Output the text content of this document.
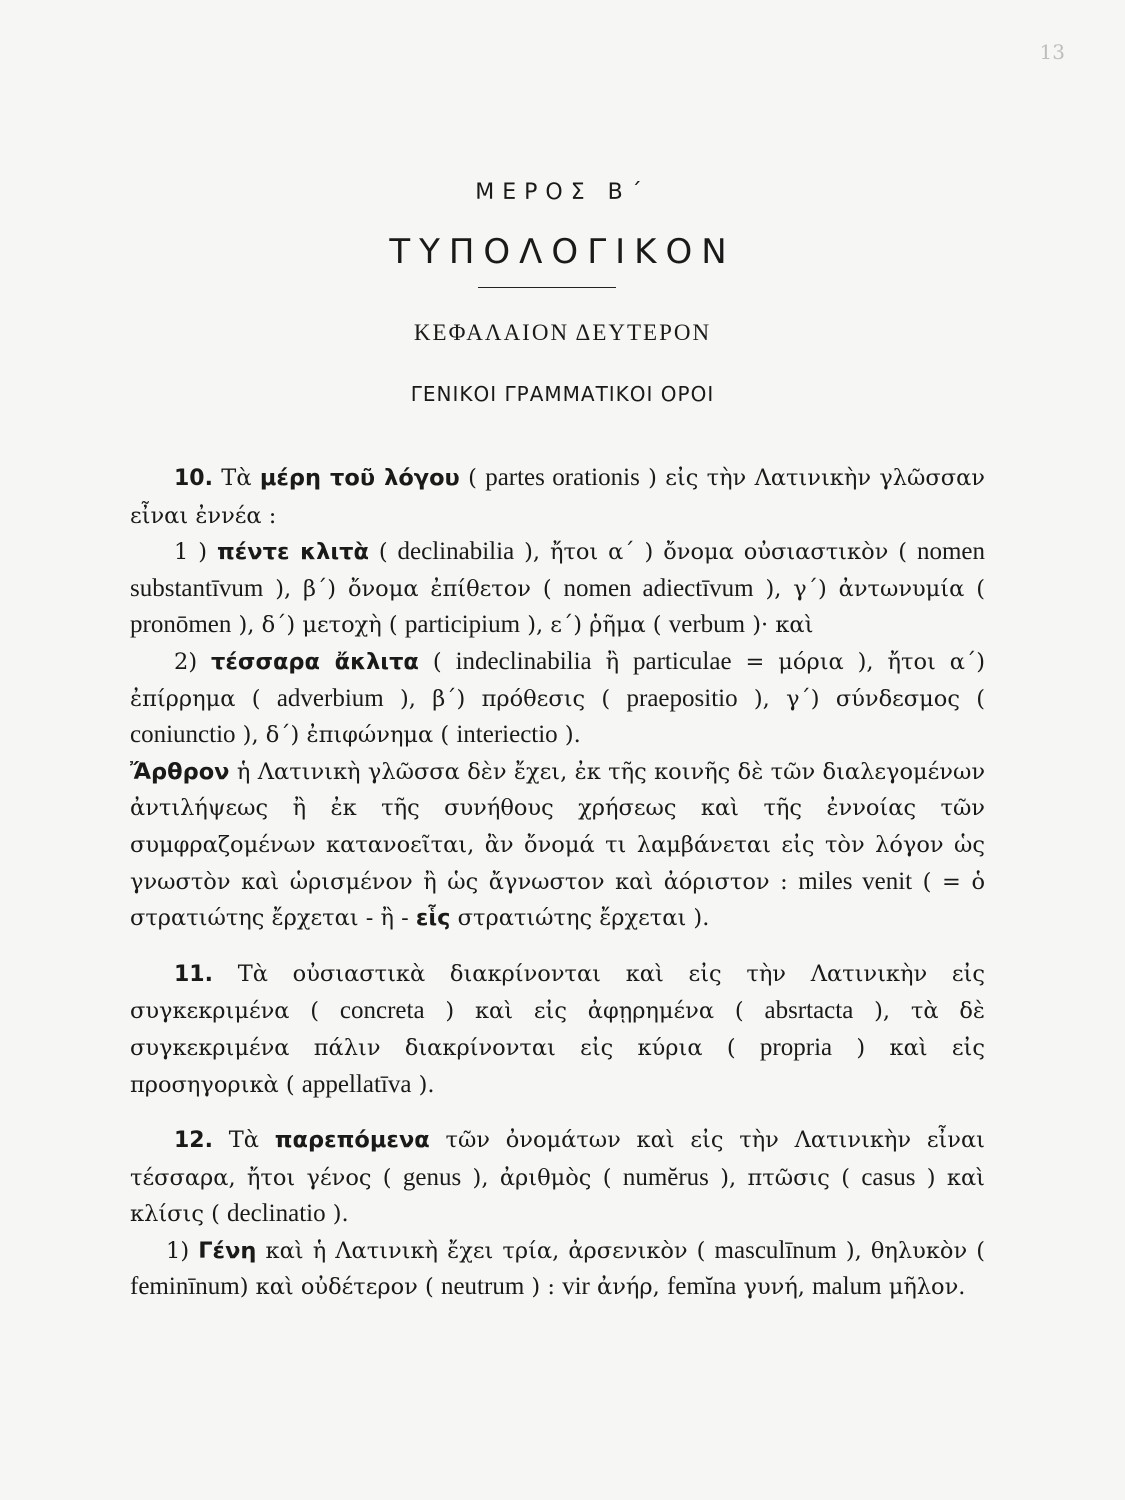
13
ΜΕΡΟΣ Β΄
ΤΥΠΟΛΟΓΙΚΟΝ
ΚΕΦΑΛΑΙΟΝ ΔΕΥΤΕΡΟΝ
ΓΕΝΙΚΟΙ ΓΡΑΜΜΑΤΙΚΟΙ ΟΡΟΙ

10. Τὰ μέρη τοῦ λόγου ( partes orationis ) εἰς τὴν Λατινικὴν γλῶσσαν εἶναι ἐννέα :

1 ) πέντε κλιτὰ ( declinabilia ), ἤτοι α΄ ) ὄνομα οὐσιαστικὸν ( nomen substantīvum ), β΄) ὄνομα ἐπίθετον ( nomen adiectīvum ), γ΄) ἀντωνυμία ( pronōmen ), δ΄) μετοχὴ ( participium ), ε΄) ῥῆμα ( verbum )· καὶ

2) τέσσαρα ἄκλιτα ( indeclinabilia ἢ particulae = μόρια ), ἤτοι α΄) ἐπίρρημα ( adverbium ), β΄) πρόθεσις ( praepositio ), γ΄) σύνδεσμος ( coniunctio ), δ΄) ἐπιφώνημα ( interiectio ).

Ἄρθρον ἡ Λατινικὴ γλῶσσα δὲν ἔχει, ἐκ τῆς κοινῆς δὲ τῶν διαλεγομένων ἀντιλήψεως ἢ ἐκ τῆς συνήθους χρήσεως καὶ τῆς ἐννοίας τῶν συμφραζομένων κατανοεῖται, ἂν ὄνομά τι λαμβάνεται εἰς τὸν λόγον ὡς γνωστὸν καὶ ὡρισμένον ἢ ὡς ἄγνωστον καὶ ἀόριστον : miles venit ( = ὁ στρατιώτης ἔρχεται - ἢ - εἷς στρατιώτης ἔρχεται ).

11. Τὰ οὐσιαστικὰ διακρίνονται καὶ εἰς τὴν Λατινικὴν εἰς συγκεκριμένα ( concreta ) καὶ εἰς ἀφῃρημένα ( absrtacta ), τὰ δὲ συγκεκριμένα πάλιν διακρίνονται εἰς κύρια ( propria ) καὶ εἰς προσηγορικὰ ( appellatīva ).

12. Τὰ παρεπόμενα τῶν ὀνομάτων καὶ εἰς τὴν Λατινικὴν εἶναι τέσσαρα, ἤτοι γένος ( genus ), ἀριθμὸς ( numĕrus ), πτῶσις ( casus ) καὶ κλίσις ( declinatio ).

1) Γένη καὶ ἡ Λατινικὴ ἔχει τρία, ἀρσενικὸν ( masculīnum ), θηλυκὸν ( feminīnum) καὶ οὐδέτερον ( neutrum ) : vir ἀνήρ, femĭna γυνή, malum μῆλον.
